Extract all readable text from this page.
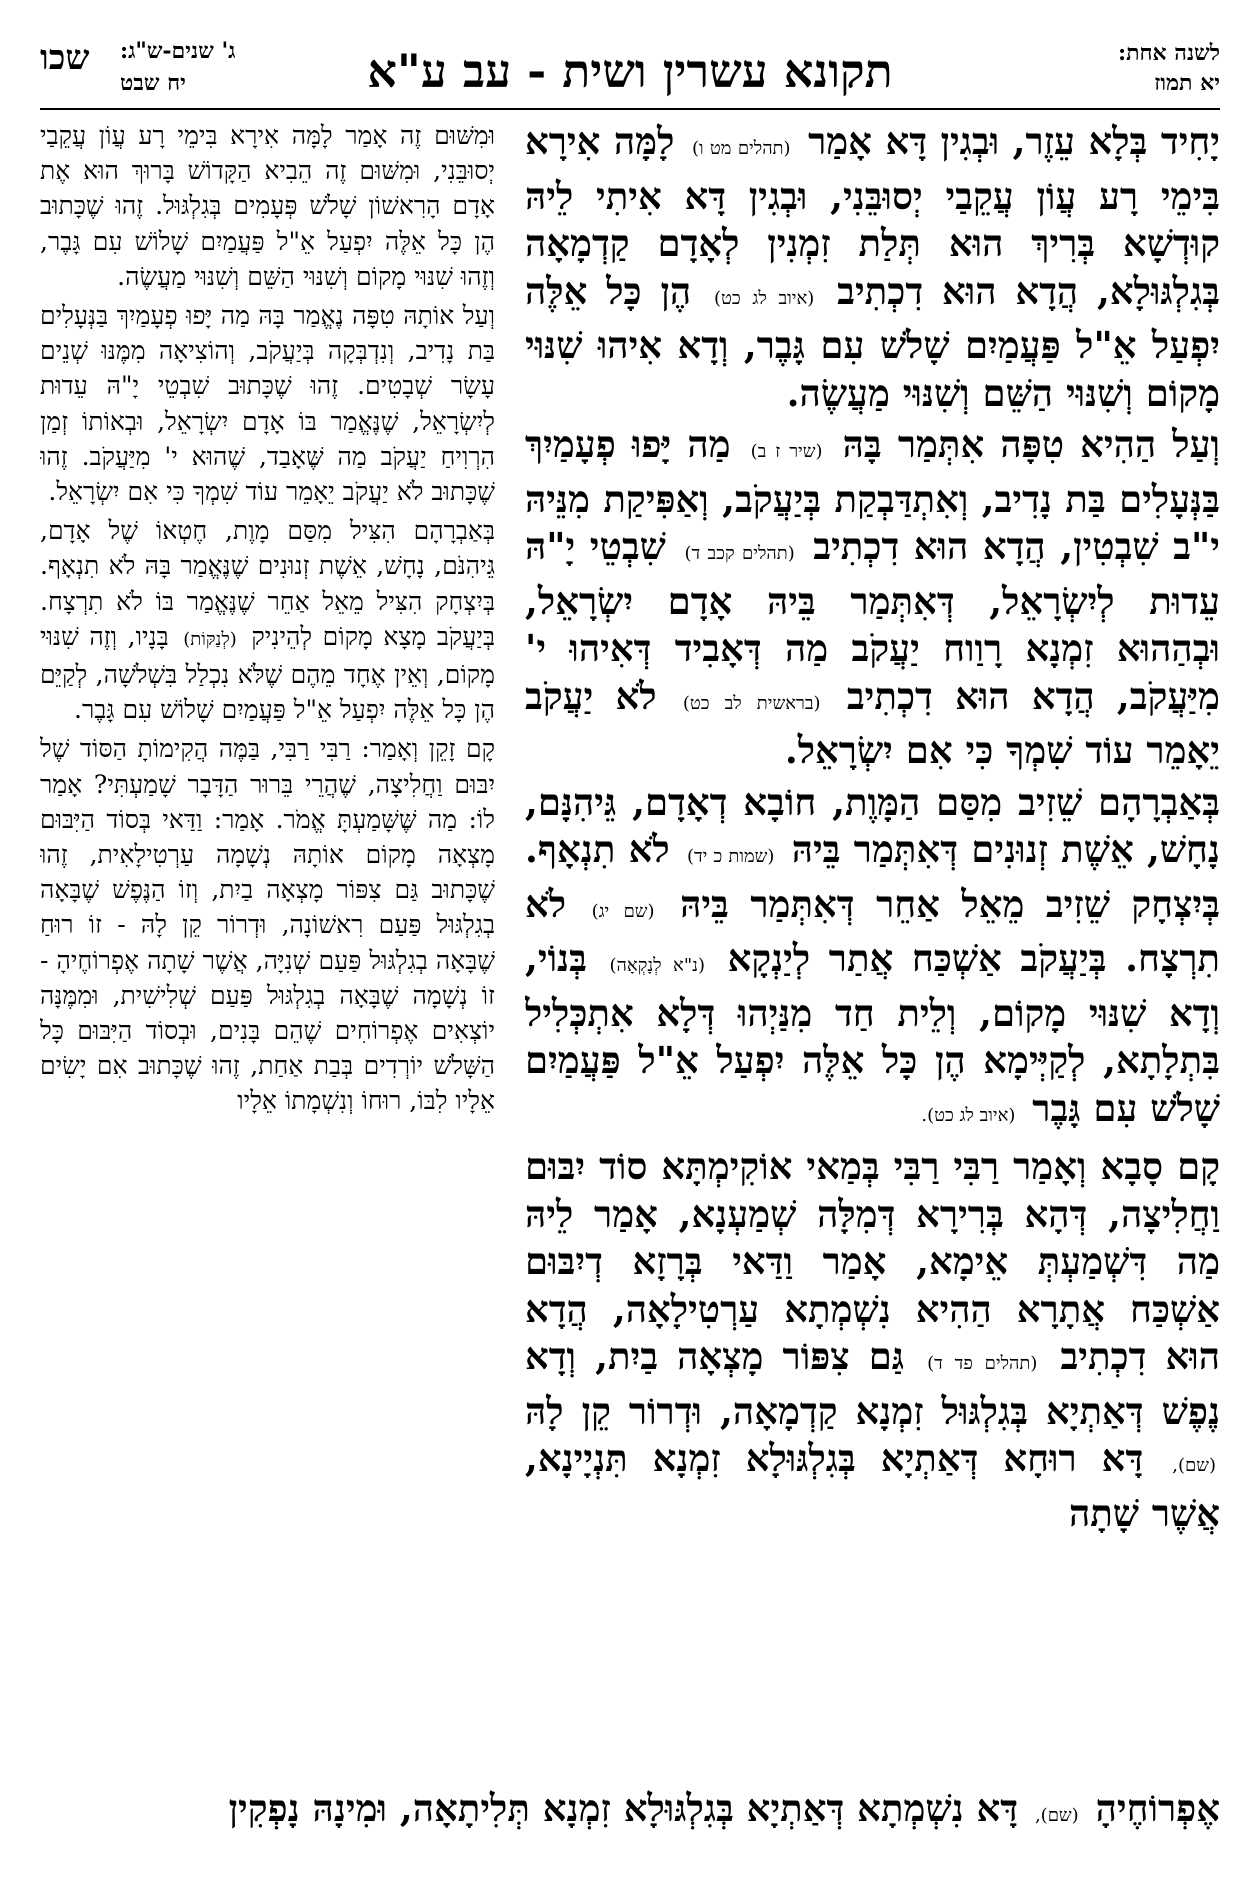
לשנה אחת:
יא תמוז
תקונא עשרין ושית - עב ע"א
שכו ג' שנים-ש"ג:
יח שבט

יָחִיד בְּלָא עֵזֶר, וּבְגִין דָּא אָמַר (תהלים מט ו) לָמָּה אִירָא בִּימֵי רָע עֲוֹן עֲקֵבַי יְסוּבֵּנִי, וּבְגִין דָּא אִיתִי לֵיהּ קוּדְשָׁא בְּרִיךְ הוּא תְּלַת זִמְנִין לְאָדָם קַדְמָאָה בְּגִלְגּוּלָא, הֲדָא הוּא דִכְתִיב (איוב לג כט) הֶן כָּל אֵלֶּה יִפְעַל אֵ"ל פַּעֲמַיִם שָׁלֹשׁ עִם גָּבֶר, וְדָא אִיהוּ שִׁנּוּי מָקוֹם וְשִׁנּוּי הַשֵּׁם וְשִׁנּוּי מַעֲשֶׂה.

וְעַל הַהִיא טִפָּה אִתְּמַר בָּהּ (שיר ז ב) מַה יָּפוּ פְעָמַיִךְ בַּנְּעָלִים בַּת נָדִיב, וְאִתְדַּבְקַת בְּיַעֲקֹב, וְאַפִּיקַת מִנֵּיהּ י"ב שִׁבְטִין, הֲדָא הוּא דִכְתִיב (תהלים קכב ד) שִׁבְטֵי יָ"הּ עֵדוּת לְיִשְׂרָאֵל, דְּאִתְּמַר בֵּיהּ אָדָם יִשְׂרָאֵל, וּבְהַהוּא זִמְנָא רָוַוח יַעֲקֹב מַה דְּאָבִיד דְּאִיהוּ י' מִיַּעֲקֹב, הֲדָא הוּא דִכְתִיב (בראשית לב כט) לֹא יַעֲקֹב יֵאָמֵר עוֹד שִׁמְךָ כִּי אִם יִשְׂרָאֵל.

בְּאַבְרָהָם שֵׁזִיב מִסַּם הַמָּוֶת, חוֹבָא דְאָדָם, גֵּיהִנָּם, נָחָשׁ, אֵשֶׁת זְנוּנִים דְּאִתְּמַר בֵּיהּ (שמות כ יד) לֹא תִנְאָף. בְּיִצְחָק שֵׁזִיב מֵאֵל אַחֵר דְּאִתְּמַר בֵּיהּ (שם יג) לֹא תִרְצָח. בְּיַעֲקֹב אַשְׁכַּח אֲתַר לְיַנְקָא (נ"א לְנָקְאָה) בְּנוֹי, וְדָא שִׁנּוּי מָקוֹם, וְלֵית חַד מִנַּיְהוּ דְּלָא אִתְכְּלִיל בִּתְלָתָא, לְקַיְּימָא הֶן כָּל אֵלֶּה יִפְעַל אֵ"ל פַּעֲמַיִם שָׁלֹשׁ עִם גָּבֶר (איוב לג כט).

קָם סָבָא וְאָמַר רַבִּי רַבִּי בְּמַאי אוֹקִימְתָּא סוֹד יִבּוּם וַחֲלִיצָה, דְּהָא בְּרִירָא דְּמִלָּה שְׁמַעְנָא, אָמַר לֵיהּ מַה דִּשְׁמַעְתְּ אֵימָא, אָמַר וַדַּאי בְּרָזָא דְיִבּוּם אַשְׁכַּח אֲתָרָא הַהִיא נִשְׁמְתָא עַרְטִילָאָה, הֲדָא הוּא דִכְתִיב (תהלים פד ד) גַּם צִפּוֹר מָצְאָה בַיִת, וְדָא נֶפֶשׁ דְּאַתְיָא בְּגִלְגּוּל זִמְנָא קַדְמָאָה, וּדְרוֹר קֵן לָהּ (שם), דָּא רוּחָא דְּאַתְיָא בְּגִלְגּוּלָא זִמְנָא תִּנְיָינָא, אֲשֶׁר שָׁתָה

וּמִשּׁוּם זֶה אָמַר לָמָּה אִירָא בִּימֵי רָע עֲוֹן עֲקֵבַי יְסוּבֵּנִי, וּמִשּׁוּם זֶה הֵבִיא הַקָּדוֹשׁ בָּרוּךְ הוּא אֶת אָדָם הָרִאשׁוֹן שָׁלֹשׁ פְּעָמִים בְּגִלְגּוּל. זֶהוּ שֶׁכָּתוּב הֶן כָּל אֵלֶּה יִפְעַל אֵ"ל פַּעֲמַיִם שָׁלוֹשׁ עִם גָּבֶר, וְזֶהוּ שִׁנּוּי מָקוֹם וְשִׁנּוּי הַשֵּׁם וְשִׁנּוּי מַעֲשֶׂה.

וְעַל אוֹתָהּ טִפָּה נֶאֱמַר בָּהּ מַה יָּפוּ פְעָמַיִךְ בַּנְּעָלִים בַּת נָדִיב, וְנִדְבְּקָה בְּיַעֲקֹב, וְהוֹצִיאָה מִמֶּנּוּ שְׁנֵים עָשָׂר שְׁבָטִים. זֶהוּ שֶׁכָּתוּב שִׁבְטֵי יָ"הּ עֵדוּת לְיִשְׂרָאֵל, שֶׁנֶּאֱמַר בּוֹ אָדָם יִשְׂרָאֵל, וּבְאוֹתוֹ זְמַן הִרְוִיחַ יַעֲקֹב מַה שֶּׁאָבַד, שֶׁהוּא י' מִיַּעֲקֹב. זֶהוּ שֶׁכָּתוּב לֹא יַעֲקֹב יֵאָמֵר עוֹד שִׁמְךָ כִּי אִם יִשְׂרָאֵל.

בְּאַבְרָהָם הִצִּיל מִסַּם מָוֶת, חֶטְאוֹ שֶׁל אָדָם, גֵּיהִנֹּם, נָחָשׁ, אֵשֶׁת זְנוּנִים שֶׁנֶּאֱמַר בָּהּ לֹא תִנְאָף. בְּיִצְחָק הִצִּיל מֵאֵל אַחֵר שֶׁנֶּאֱמַר בּוֹ לֹא תִרְצָח. בְּיַעֲקֹב מָצָא מָקוֹם לְהֵינִיק (לְנַקּוֹת) בָּנָיו, וְזֶה שִׁנּוּי מָקוֹם, וְאֵין אֶחָד מֵהֶם שֶׁלֹּא נִכְלַל בִּשְׁלֹשָׁה, לְקַיֵּם הֶן כָּל אֵלֶּה יִפְעַל אֵ"ל פַּעֲמַיִם שָׁלוֹשׁ עִם גָּבֶר.

קָם זָקֵן וְאָמַר: רַבִּי רַבִּי, בַּמֶּה הֲקִימוֹתָ הַסּוֹד שֶׁל יִבּוּם וַחֲלִיצָה, שֶׁהֲרֵי בֵּרוּר הַדָּבָר שָׁמַעְתִּי? אָמַר לוֹ: מַה שֶּׁשָּׁמַעְתָּ אֱמֹר. אָמַר: וַדַּאי בְּסוֹד הַיִּבּוּם מָצְאָה מָקוֹם אוֹתָהּ נְשָׁמָה עַרְטִילָאִית, זֶהוּ שֶׁכָּתוּב גַּם צִפּוֹר מָצְאָה בַיִת, וְזוֹ הַנֶּפֶשׁ שֶׁבָּאָה בְגִלְגּוּל פַּעַם רִאשׁוֹנָה, וּדְרוֹר קֵן לָהּ - זוֹ רוּחַ שֶׁבָּאָה בְגִלְגּוּל פַּעַם שְׁנִיָּה, אֲשֶׁר שָׁתָה אֶפְרוֹחֶיהָ - זוֹ נְשָׁמָה שֶׁבָּאָה בְגִלְגּוּל פַּעַם שְׁלִישִׁית, וּמִמֶּנָּה יוֹצְאִים אֶפְרוֹחִים שֶׁהֵם בָּנִים, וּבְסוֹד הַיִּבּוּם כָּל הַשָּׁלֹשׁ יוֹרְדִים בְּבַת אַחַת, זֶהוּ שֶׁכָּתוּב אִם יָשִׂים אֵלָיו לִבּוֹ, רוּחוֹ וְנִשְׁמָתוֹ אֵלָיו

אֶפְרוֹחֶיהָ (שם), דָּא נִשְׁמְתָא דְּאַתְיָא בְּגִלְגּוּלָא זִמְנָא תְּלִיתָאָה, וּמִינָהּ נָפְקִין
